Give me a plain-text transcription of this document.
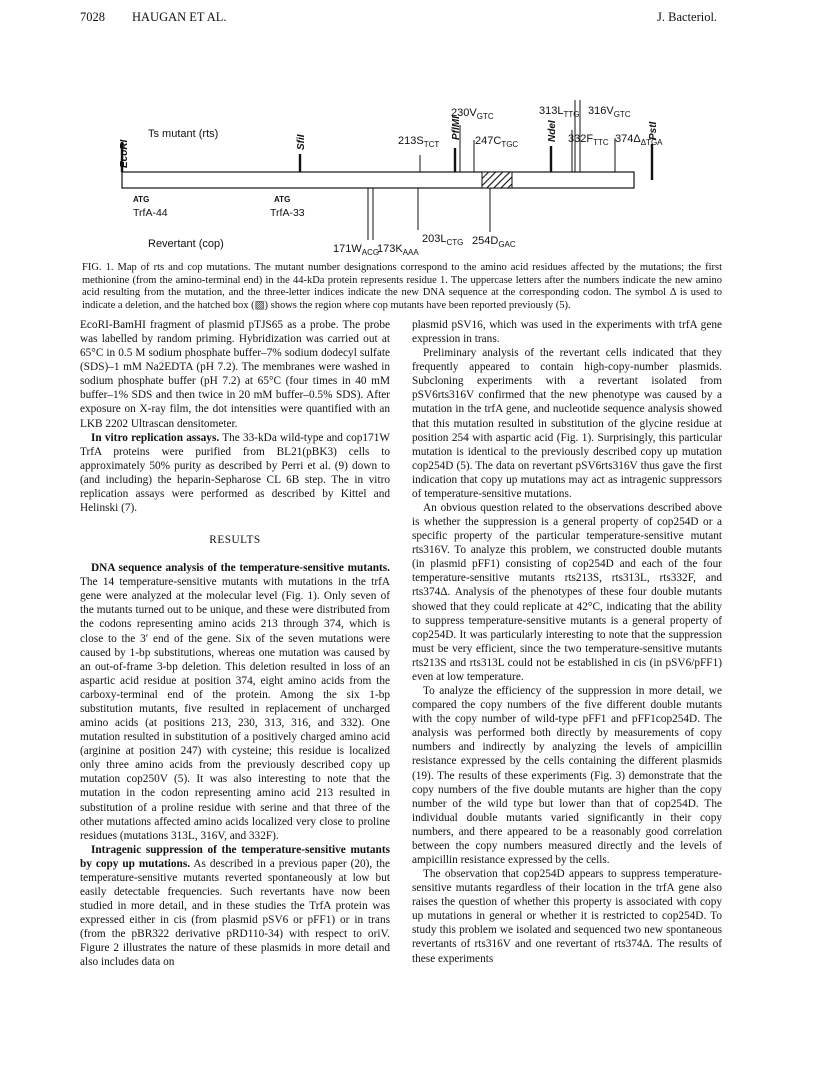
7028 HAUGAN ET AL.	J. Bacteriol.
Ts mutant (rts)
EcoRI	SfiI
PflMI	NdeI	PstI
ATG
TrfA-44
ATG
TrfA-33
$213S_{TCT}$
$230V_{GTC}$
$247C_{TGC}$
$313L_{TTG}$ $316V_{GTC}$
$332F_{TTC}$ $374\Delta_{\Delta TGA}$
Revertant (cop)	$171W_{ACG}$
$173K_{AAA}$
$203L_{CTG}$ $254D_{GAC}$

FIG. 1. Map of rts and cop mutations. The mutant number designations correspond to the amino acid residues affected by the mutations; the first methionine (from the amino-terminal end) in the 44-kDa protein represents residue 1. The uppercase letters after the numbers indicate the new amino acid resulting from the mutation, and the three-letter indices indicate the new DNA sequence at the corresponding codon. The symbol Δ is used to indicate a deletion, and the hatched box (▨) shows the region where cop mutants have been reported previously (5).

EcoRI-BamHI fragment of plasmid pTJS65 as a probe. The probe was labelled by random priming. Hybridization was carried out at 65°C in 0.5 M sodium phosphate buffer–7% sodium dodecyl sulfate (SDS)–1 mM Na2EDTA (pH 7.2). The membranes were washed in sodium phosphate buffer (pH 7.2) at 65°C (four times in 40 mM buffer–1% SDS and then twice in 20 mM buffer–0.5% SDS). After exposure on X-ray film, the dot intensities were quantified with an LKB 2202 Ultrascan densitometer.

In vitro replication assays. The 33-kDa wild-type and cop171W TrfA proteins were purified from BL21(pBK3) cells to approximately 50% purity as described by Perri et al. (9) down to (and including) the heparin-Sepharose CL 6B step. The in vitro replication assays were performed as described by Kittel and Helinski (7).

RESULTS

DNA sequence analysis of the temperature-sensitive mutants. The 14 temperature-sensitive mutants with mutations in the trfA gene were analyzed at the molecular level (Fig. 1). Only seven of the mutants turned out to be unique, and these were distributed from the codons representing amino acids 213 through 374, which is close to the 3′ end of the gene. Six of the seven mutations were caused by 1-bp substitutions, whereas one mutation was caused by an out-of-frame 3-bp deletion. This deletion resulted in loss of an aspartic acid residue at position 374, eight amino acids from the carboxy-terminal end of the protein. Among the six 1-bp substitution mutants, five resulted in replacement of uncharged amino acids (at positions 213, 230, 313, 316, and 332). One mutation resulted in substitution of a positively charged amino acid (arginine at position 247) with cysteine; this residue is localized only three amino acids from the previously described copy up mutation cop250V (5). It was also interesting to note that the mutation in the codon representing amino acid 213 resulted in substitution of a proline residue with serine and that three of the other mutations affected amino acids localized very close to proline residues (mutations 313L, 316V, and 332F).

Intragenic suppression of the temperature-sensitive mutants by copy up mutations. As described in a previous paper (20), the temperature-sensitive mutants reverted spontaneously at low but easily detectable frequencies. Such revertants have now been studied in more detail, and in these studies the TrfA protein was expressed either in cis (from plasmid pSV6 or pFF1) or in trans (from the pBR322 derivative pRD110-34) with respect to oriV. Figure 2 illustrates the nature of these plasmids in more detail and also includes data on

plasmid pSV16, which was used in the experiments with trfA gene expression in trans.

Preliminary analysis of the revertant cells indicated that they frequently appeared to contain high-copy-number plasmids. Subcloning experiments with a revertant isolated from pSV6rts316V confirmed that the new phenotype was caused by a mutation in the trfA gene, and nucleotide sequence analysis showed that this mutation resulted in substitution of the glycine residue at position 254 with aspartic acid (Fig. 1). Surprisingly, this particular mutation is identical to the previously described copy up mutation cop254D (5). The data on revertant pSV6rts316V thus gave the first indication that copy up mutations may act as intragenic suppressors of temperature-sensitive mutations.

An obvious question related to the observations described above is whether the suppression is a general property of cop254D or a specific property of the particular temperature-sensitive mutant rts316V. To analyze this problem, we constructed double mutants (in plasmid pFF1) consisting of cop254D and each of the four temperature-sensitive mutants rts213S, rts313L, rts332F, and rts374Δ. Analysis of the phenotypes of these four double mutants showed that they could replicate at 42°C, indicating that the ability to suppress temperature-sensitive mutants is a general property of cop254D. It was particularly interesting to note that the suppression must be very efficient, since the two temperature-sensitive mutants rts213S and rts313L could not be established in cis (in pSV6/pFF1) even at low temperature.

To analyze the efficiency of the suppression in more detail, we compared the copy numbers of the five different double mutants with the copy number of wild-type pFF1 and pFF1cop254D. The analysis was performed both directly by measurements of copy numbers and indirectly by analyzing the levels of ampicillin resistance expressed by the cells containing the different plasmids (19). The results of these experiments (Fig. 3) demonstrate that the copy numbers of the five double mutants are higher than the copy number of the wild type but lower than that of cop254D. The individual double mutants varied significantly in their copy numbers, and there appeared to be a reasonably good correlation between the copy numbers measured directly and the levels of ampicillin resistance expressed by the cells.

The observation that cop254D appears to suppress temperature-sensitive mutants regardless of their location in the trfA gene also raises the question of whether this property is associated with copy up mutations in general or whether it is restricted to cop254D. To study this problem we isolated and sequenced two new spontaneous revertants of rts316V and one revertant of rts374Δ. The results of these experiments
